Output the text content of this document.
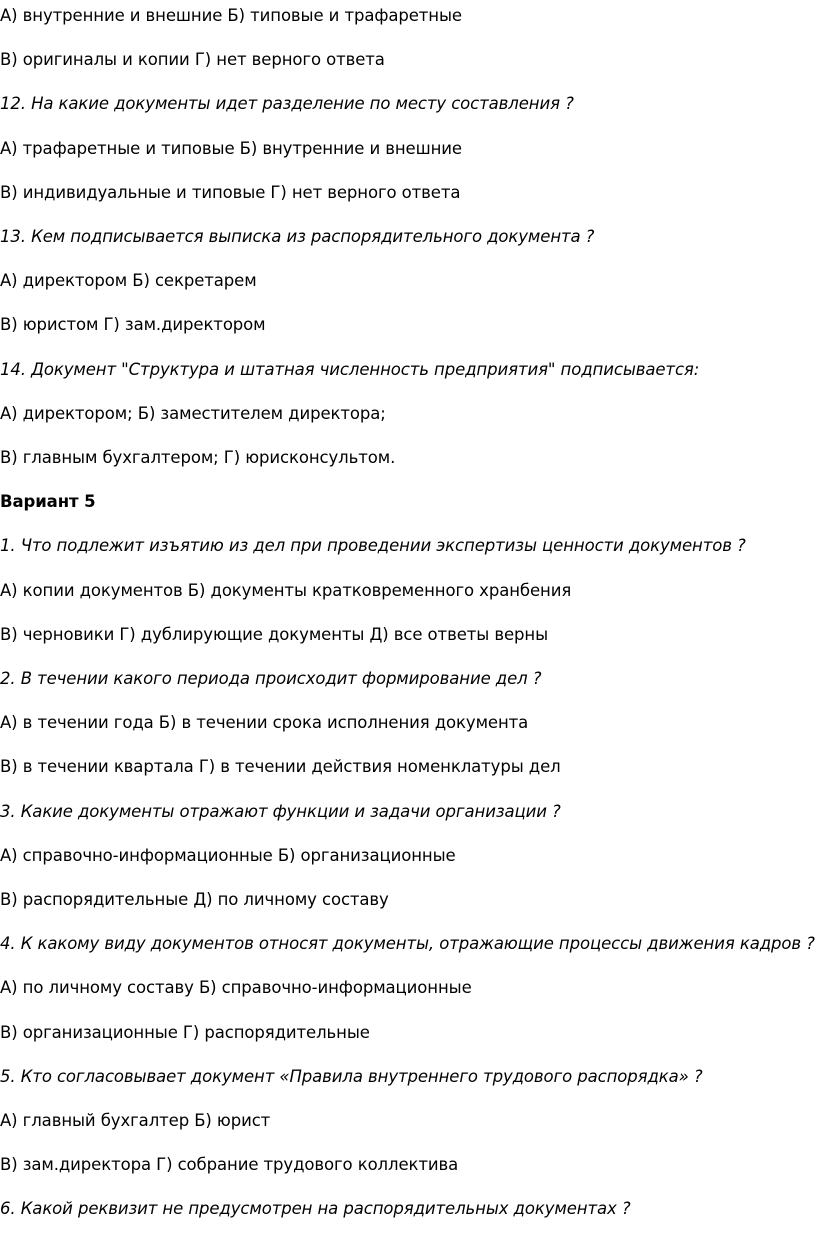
А) внутренние и внешние Б) типовые и трафаретные
В) оригиналы и копии Г) нет верного ответа
12. На какие документы идет разделение по месту составления ?
А) трафаретные и типовые Б) внутренние и внешние
В) индивидуальные и типовые Г) нет верного ответа
13. Кем подписывается выписка из распорядительного документа ?
А) директором Б) секретарем
В) юристом Г) зам.директором
14. Документ "Структура и штатная численность предприятия" подписывается:
А) директором; Б) заместителем директора;
В) главным бухгалтером; Г) юрисконсультом.
Вариант 5
1. Что подлежит изъятию из дел при проведении экспертизы ценности документов ?
А) копии документов Б) документы кратковременного хранбения
В) черновики Г) дублирующие документы Д) все ответы верны
2. В течении какого периода происходит формирование дел ?
А) в течении года Б) в течении срока исполнения документа
В) в течении квартала Г) в течении действия номенклатуры дел
3. Какие документы отражают функции и задачи организации ?
А) справочно-информационные Б) организационные
В) распорядительные Д) по личному составу
4. К какому виду документов относят документы, отражающие процессы движения кадров ?
А) по личному составу Б) справочно-информационные
В) организационные Г) распорядительные
5. Кто согласовывает документ «Правила внутреннего трудового распорядка» ?
А) главный бухгалтер Б) юрист
В) зам.директора Г) собрание трудового коллектива
6. Какой реквизит не предусмотрен на распорядительных документах ?
